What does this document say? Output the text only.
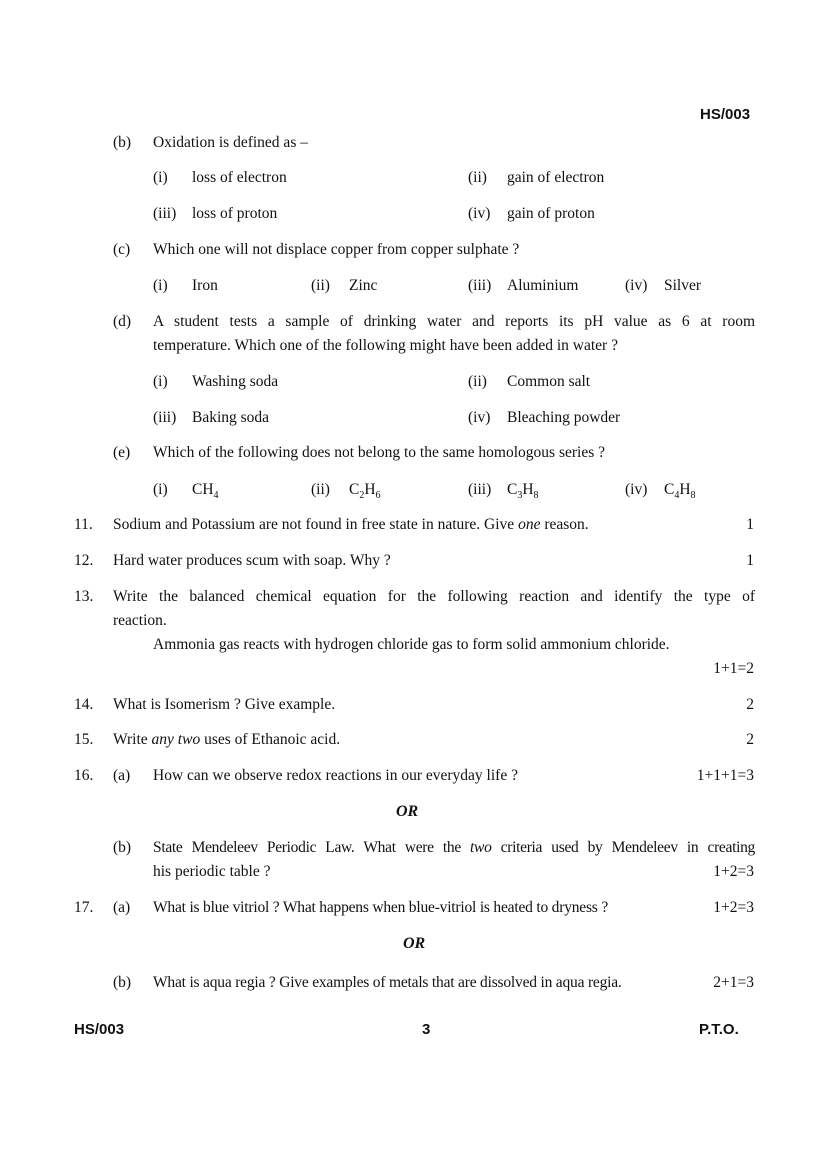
HS/003
(b) Oxidation is defined as –
(i) loss of electron	(ii) gain of electron
(iii) loss of proton	(iv) gain of proton
(c) Which one will not displace copper from copper sulphate ?
(i) Iron	(ii) Zinc	(iii) Aluminium	(iv) Silver
(d) A student tests a sample of drinking water and reports its pH value as 6 at room
temperature. Which one of the following might have been added in water ?
(i) Washing soda	(ii) Common salt
(iii) Baking soda	(iv) Bleaching powder
(e) Which of the following does not belong to the same homologous series ?
(i) $CH_4$	(ii) $C_2H_6$	(iii) $C_3H_8$	(iv) $C_4H_8$
11. Sodium and Potassium are not found in free state in nature. Give one reason.	1
12. Hard water produces scum with soap. Why ?	1
13. Write the balanced chemical equation for the following reaction and identify the type of
reaction.
Ammonia gas reacts with hydrogen chloride gas to form solid ammonium chloride.
1+1=2
14. What is Isomerism ? Give example.	2
15. Write any two uses of Ethanoic acid.	2
16. (a) How can we observe redox reactions in our everyday life ?	1+1+1=3
OR
(b) State Mendeleev Periodic Law. What were the two criteria used by Mendeleev in creating
his periodic table ?	1+2=3
17. (a) What is blue vitriol ? What happens when blue-vitriol is heated to dryness ?	1+2=3
OR
(b) What is aqua regia ? Give examples of metals that are dissolved in aqua regia.	2+1=3
HS/003	3	P.T.O.
